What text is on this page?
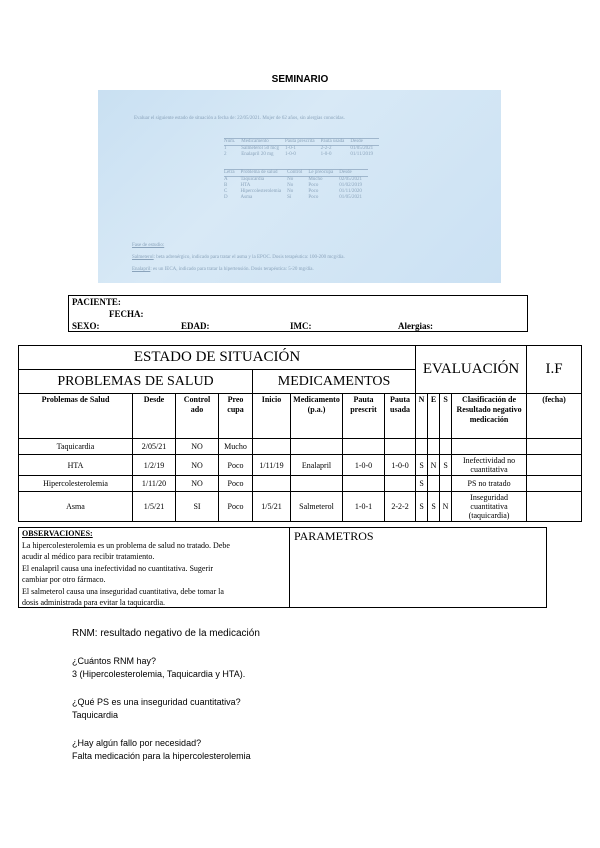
SEMINARIO
Evaluar el siguiente estado de situación a fecha de: 22/05/2021. Mujer de 62 años, sin alergias conocidas.
Núm.	Medicamento	Pauta prescrita	Pauta usada	Desde
1	Salmeterol 50 mcg	1-0-1	2-2-2	01/05/2021
2	Enalapril 20 mg	1-0-0	1-0-0	01/11/2019
Letra	Problema de salud	Control	Le preocupa	Desde
A	Taquicardia	No	Mucho	02/05/2021
B	HTA	No	Poco	01/02/2019
C	Hipercolesterolemia	No	Poco	01/11/2020
D	Asma	Sí	Poco	01/05/2021
Fase de estudio:
Salmeterol: beta adrenérgico, indicado para tratar el asma y la EPOC. Dosis terapéutica: 100-200 mcg/día.
Enalapril: es un IECA, indicado para tratar la hipertensión. Dosis terapéutica: 5-20 mg/día.
PACIENTE:
FECHA:
SEXO:	EDAD:	IMC:	Alergias:
ESTADO DE SITUACIÓN								EVALUACIÓN				I.F
PROBLEMAS DE SALUD				MEDICAMENTOS								
Problemas de Salud	Desde	Control ado	Preo cupa	Inicio	Medicamento (p.a.)	Pauta prescrit	Pauta usada	N	E	S	Clasificación de Resultado negativo medicación	(fecha)
Taquicardia	2/05/21	NO	Mucho									
HTA	1/2/19	NO	Poco	1/11/19	Enalapril	1-0-0	1-0-0	S	N	S	Inefectividad no cuantitativa	
Hipercolesterolemia	1/11/20	NO	Poco					S			PS no tratado	
Asma	1/5/21	SI	Poco	1/5/21	Salmeterol	1-0-1	2-2-2	S	S	N	Inseguridad cuantitativa (taquicardia)	
OBSERVACIONES:
La hipercolesterolemia es un problema de salud no tratado. Debe
acudir al médico para recibir tratamiento.
El enalapril causa una inefectividad no cuantitativa. Sugerir
cambiar por otro fármaco.
El salmeterol causa una inseguridad cuantitativa, debe tomar la
dosis administrada para evitar la taquicardia.
PARAMETROS
RNM: resultado negativo de la medicación
¿Cuántos RNM hay?
3 (Hipercolesterolemia, Taquicardia y HTA).
¿Qué PS es una inseguridad cuantitativa?
Taquicardia
¿Hay algún fallo por necesidad?
Falta medicación para la hipercolesterolemia
